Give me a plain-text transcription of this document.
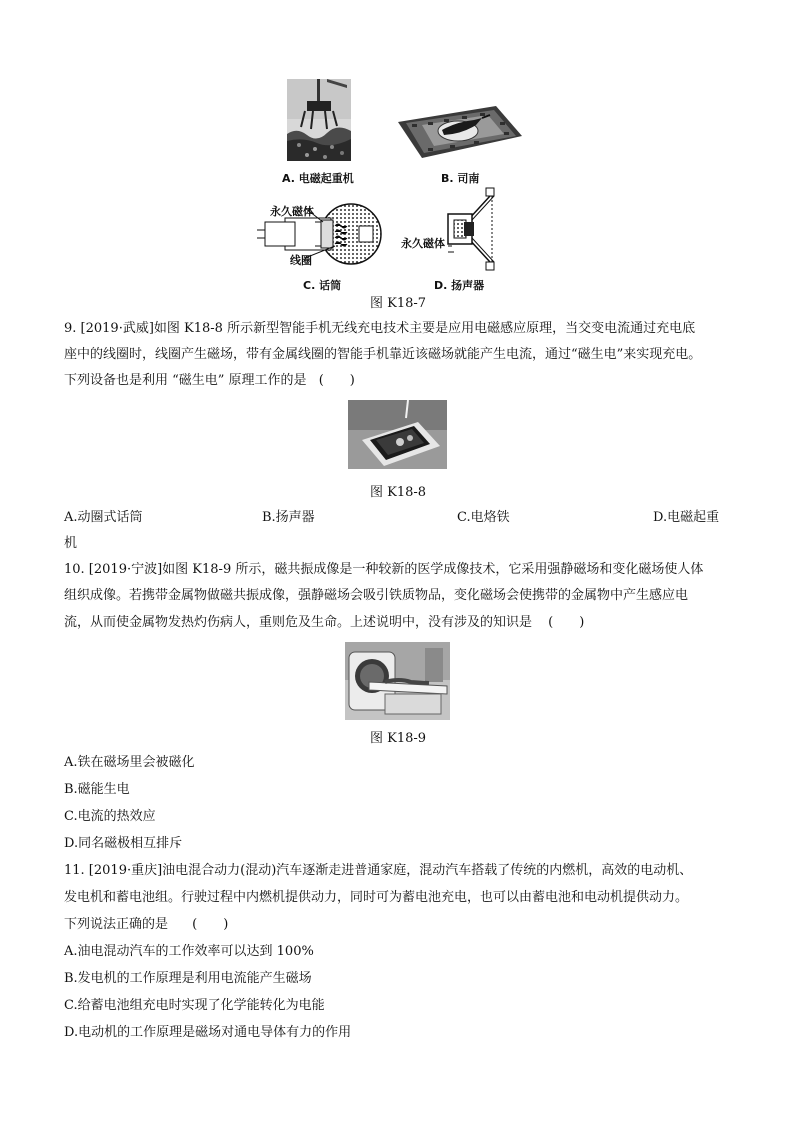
A. 电磁起重机	B. 司南
永久磁体
线圈
C. 话筒
永久磁体
D. 扬声器
图 K18-7
9. [2019·武威]如图 K18-8 所示新型智能手机无线充电技术主要是应用电磁感应原理，当交变电流通过充电底
座中的线圈时，线圈产生磁场，带有金属线圈的智能手机靠近该磁场就能产生电流，通过“磁生电”来实现充电。
下列设备也是利用 “磁生电” 原理工作的是 (　　)
图 K18-8
A.动圈式话筒	B.扬声器	C.电烙铁	D.电磁起重
机
10. [2019·宁波]如图 K18-9 所示，磁共振成像是一种较新的医学成像技术，它采用强静磁场和变化磁场使人体
组织成像。若携带金属物做磁共振成像，强静磁场会吸引铁质物品，变化磁场会使携带的金属物中产生感应电
流，从而使金属物发热灼伤病人，重则危及生命。上述说明中，没有涉及的知识是 (　　)
图 K18-9
A.铁在磁场里会被磁化
B.磁能生电
C.电流的热效应
D.同名磁极相互排斥
11. [2019·重庆]油电混合动力(混动)汽车逐渐走进普通家庭，混动汽车搭载了传统的内燃机，高效的电动机、
发电机和蓄电池组。行驶过程中内燃机提供动力，同时可为蓄电池充电，也可以由蓄电池和电动机提供动力。
下列说法正确的是 (　　)
A.油电混动汽车的工作效率可以达到 100%
B.发电机的工作原理是利用电流能产生磁场
C.给蓄电池组充电时实现了化学能转化为电能
D.电动机的工作原理是磁场对通电导体有力的作用
